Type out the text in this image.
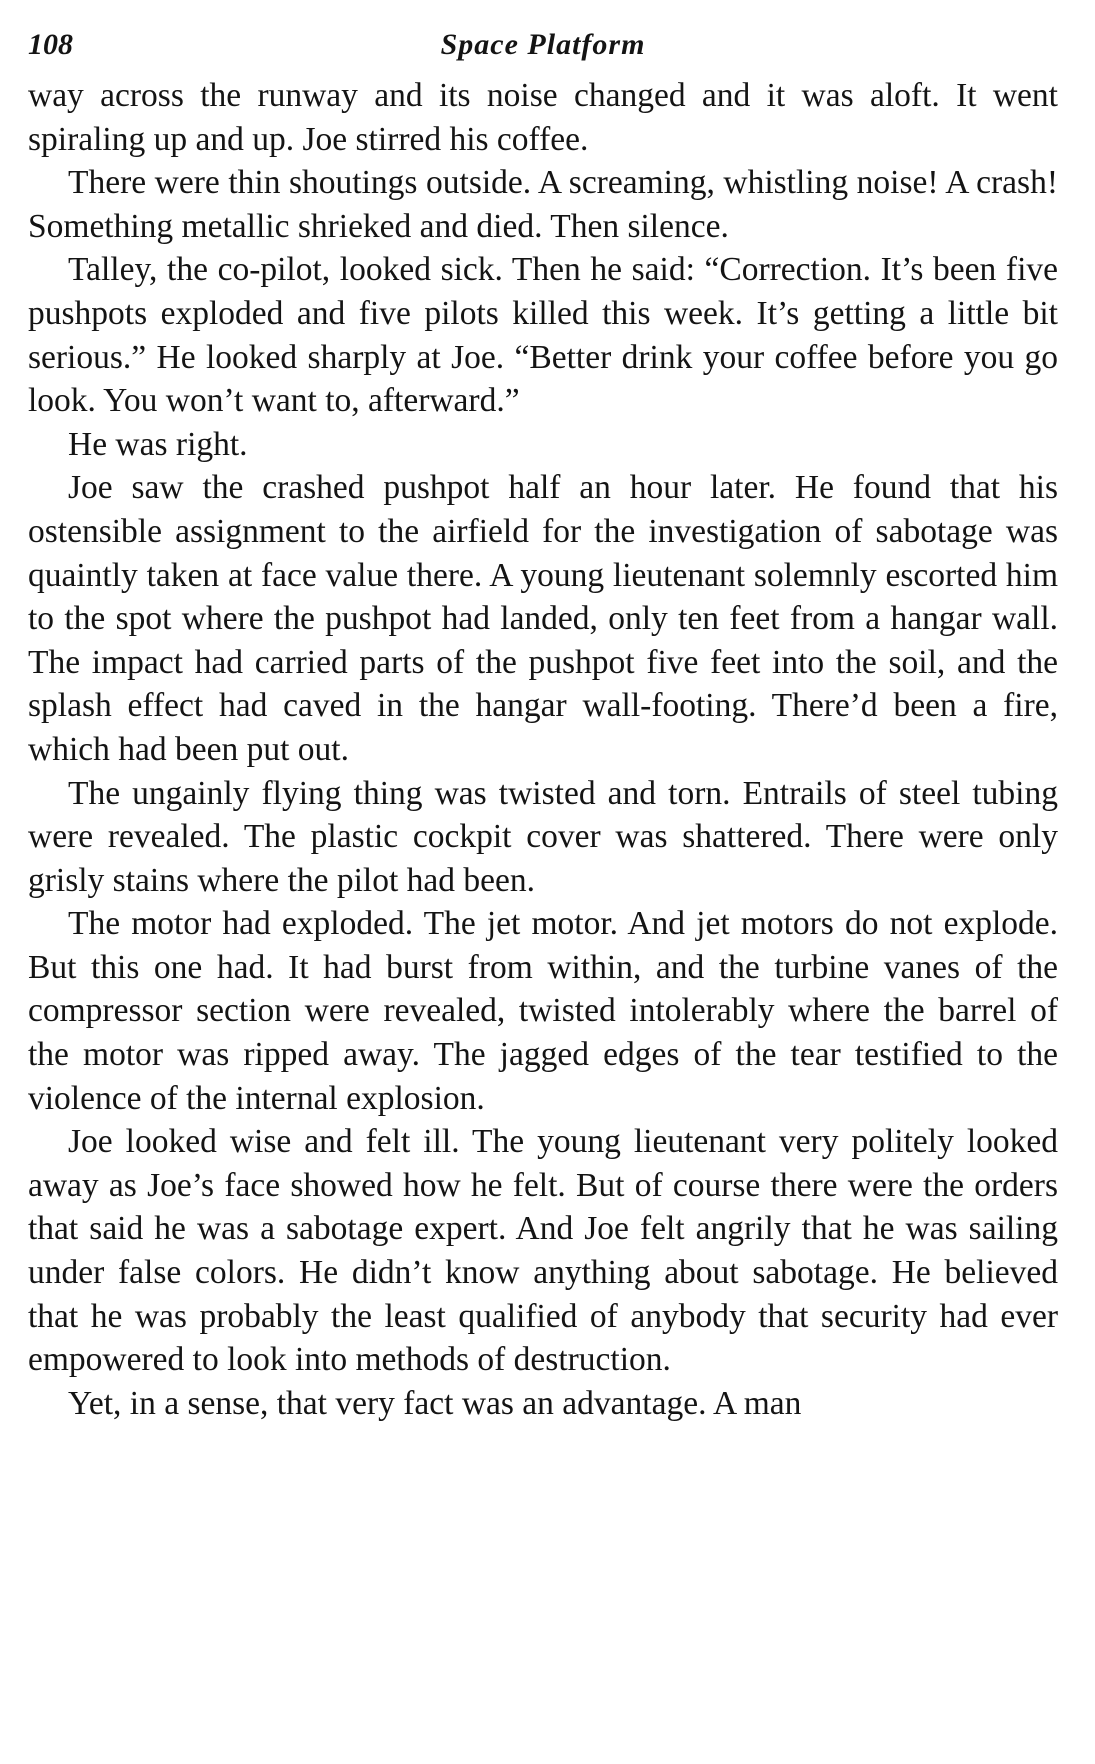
108	Space Platform

way across the runway and its noise changed and it was aloft. It went spiraling up and up. Joe stirred his coffee.

There were thin shoutings outside. A screaming, whistling noise! A crash! Something metallic shrieked and died. Then silence.

Talley, the co-pilot, looked sick. Then he said: “Correction. It’s been five pushpots exploded and five pilots killed this week. It’s getting a little bit serious.” He looked sharply at Joe. “Better drink your coffee before you go look. You won’t want to, afterward.”

He was right.

Joe saw the crashed pushpot half an hour later. He found that his ostensible assignment to the airfield for the investigation of sabotage was quaintly taken at face value there. A young lieutenant solemnly escorted him to the spot where the pushpot had landed, only ten feet from a hangar wall. The impact had carried parts of the pushpot five feet into the soil, and the splash effect had caved in the hangar wall-footing. There’d been a fire, which had been put out.

The ungainly flying thing was twisted and torn. Entrails of steel tubing were revealed. The plastic cockpit cover was shattered. There were only grisly stains where the pilot had been.

The motor had exploded. The jet motor. And jet motors do not explode. But this one had. It had burst from within, and the turbine vanes of the compressor section were revealed, twisted intolerably where the barrel of the motor was ripped away. The jagged edges of the tear testified to the violence of the internal explosion.

Joe looked wise and felt ill. The young lieutenant very politely looked away as Joe’s face showed how he felt. But of course there were the orders that said he was a sabotage expert. And Joe felt angrily that he was sailing under false colors. He didn’t know anything about sabotage. He believed that he was probably the least qualified of anybody that security had ever empowered to look into methods of destruction.

Yet, in a sense, that very fact was an advantage. A man
